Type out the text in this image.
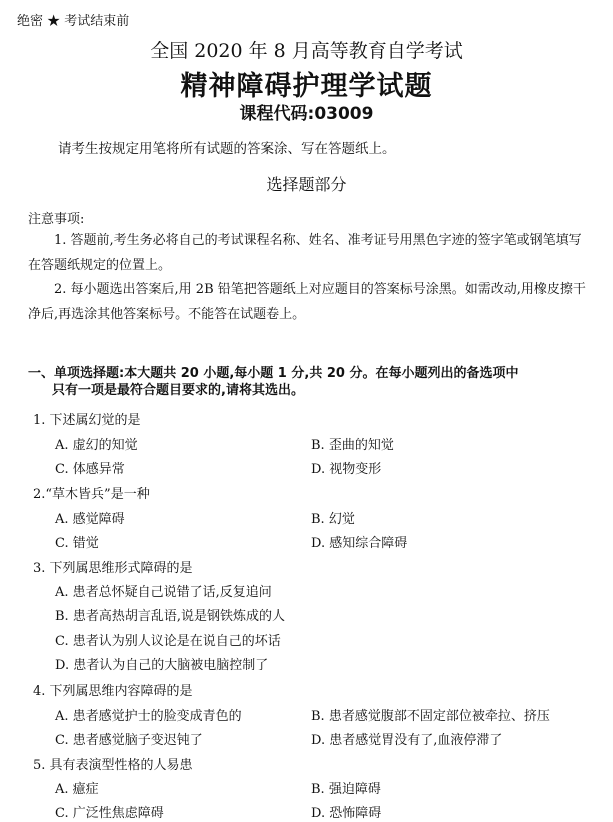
绝密 ★ 考试结束前
全国 2020 年 8 月高等教育自学考试
精神障碍护理学试题
课程代码:03009
请考生按规定用笔将所有试题的答案涂、写在答题纸上。
选择题部分
注意事项:
1. 答题前,考生务必将自己的考试课程名称、姓名、准考证号用黑色字迹的签字笔或钢笔填写在答题纸规定的位置上。
2. 每小题选出答案后,用 2B 铅笔把答题纸上对应题目的答案标号涂黑。如需改动,用橡皮擦干净后,再选涂其他答案标号。不能答在试题卷上。
一、单项选择题:本大题共 20 小题,每小题 1 分,共 20 分。在每小题列出的备选项中
只有一项是最符合题目要求的,请将其选出。
1. 下述属幻觉的是
A. 虚幻的知觉	B. 歪曲的知觉
C. 体感异常	D. 视物变形
2.“草木皆兵”是一种
A. 感觉障碍	B. 幻觉
C. 错觉	D. 感知综合障碍
3. 下列属思维形式障碍的是
A. 患者总怀疑自己说错了话,反复追问
B. 患者高热胡言乱语,说是钢铁炼成的人
C. 患者认为别人议论是在说自己的坏话
D. 患者认为自己的大脑被电脑控制了
4. 下列属思维内容障碍的是
A. 患者感觉护士的脸变成青色的	B. 患者感觉腹部不固定部位被牵拉、挤压
C. 患者感觉脑子变迟钝了	D. 患者感觉胃没有了,血液停滞了
5. 具有表演型性格的人易患
A. 癔症	B. 强迫障碍
C. 广泛性焦虑障碍	D. 恐怖障碍
